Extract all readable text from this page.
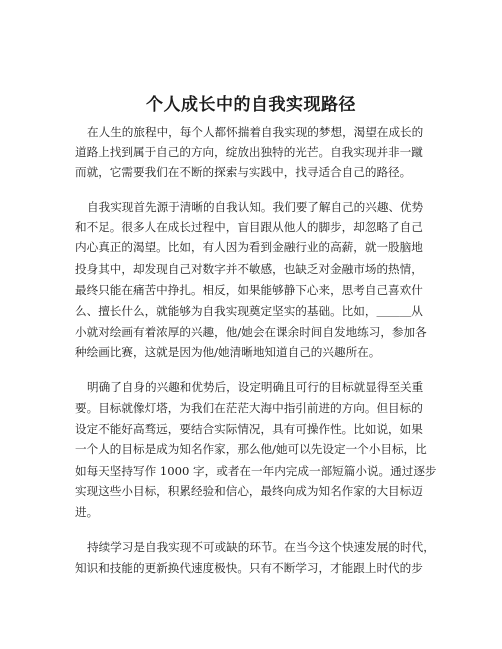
个人成长中的自我实现路径
在人生的旅程中，每个人都怀揣着自我实现的梦想，渴望在成长的
道路上找到属于自己的方向，绽放出独特的光芒。自我实现并非一蹴
而就，它需要我们在不断的探索与实践中，找寻适合自己的路径。
自我实现首先源于清晰的自我认知。我们要了解自己的兴趣、优势
和不足。很多人在成长过程中，盲目跟从他人的脚步，却忽略了自己
内心真正的渴望。比如，有人因为看到金融行业的高薪，就一股脑地
投身其中，却发现自己对数字并不敏感，也缺乏对金融市场的热情，
最终只能在痛苦中挣扎。相反，如果能够静下心来，思考自己喜欢什
么、擅长什么，就能够为自我实现奠定坚实的基础。比如，＿＿＿从
小就对绘画有着浓厚的兴趣，他/她会在课余时间自发地练习，参加各
种绘画比赛，这就是因为他/她清晰地知道自己的兴趣所在。
明确了自身的兴趣和优势后，设定明确且可行的目标就显得至关重
要。目标就像灯塔，为我们在茫茫大海中指引前进的方向。但目标的
设定不能好高骛远，要结合实际情况，具有可操作性。比如说，如果
一个人的目标是成为知名作家，那么他/她可以先设定一个小目标，比
如每天坚持写作 1000 字，或者在一年内完成一部短篇小说。通过逐步
实现这些小目标，积累经验和信心，最终向成为知名作家的大目标迈
进。
持续学习是自我实现不可或缺的环节。在当今这个快速发展的时代，
知识和技能的更新换代速度极快。只有不断学习，才能跟上时代的步
